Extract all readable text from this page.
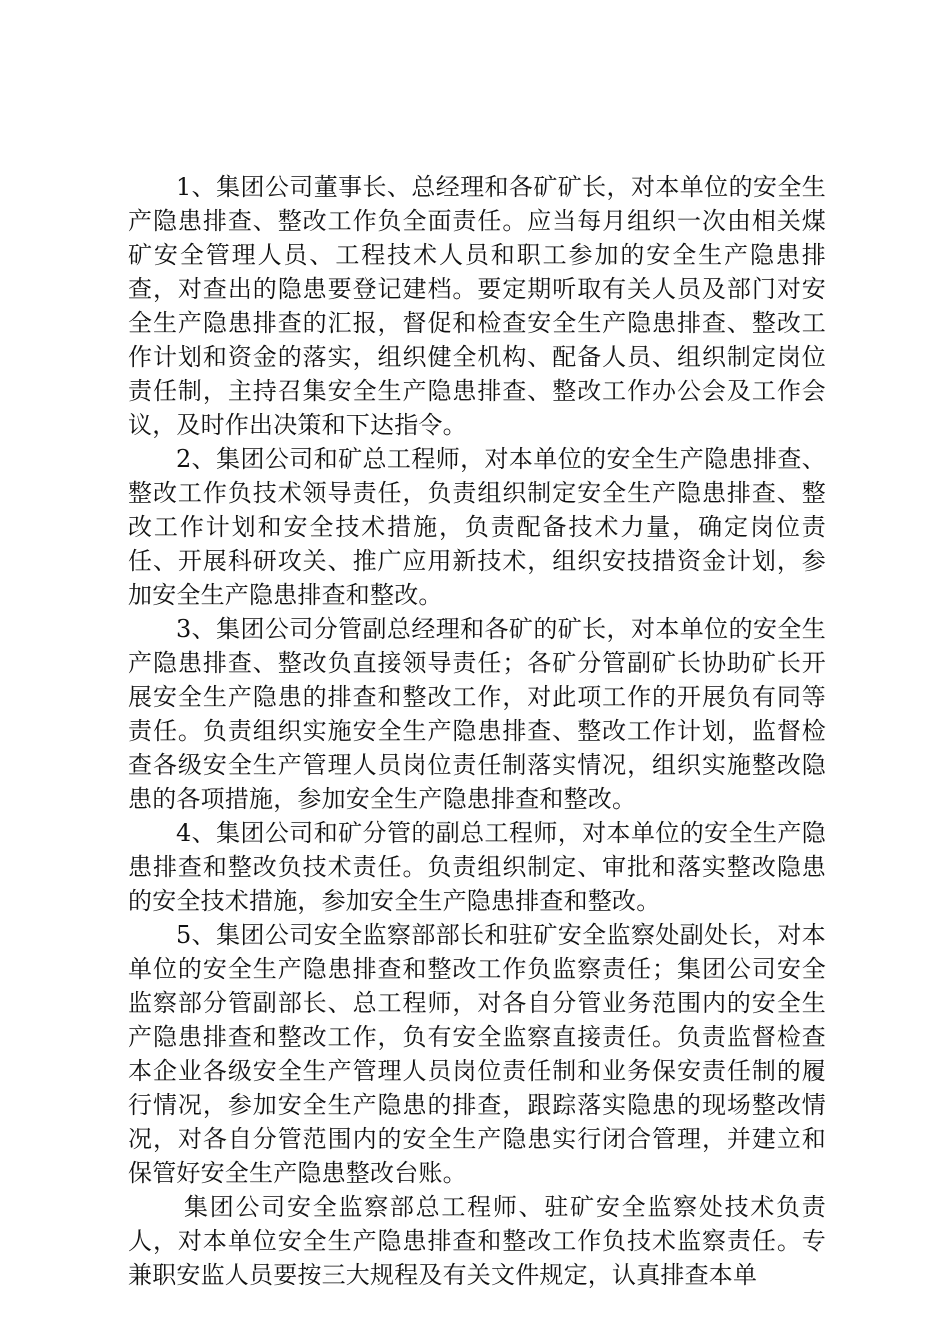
1、集团公司董事长、总经理和各矿矿长，对本单位的安全生产隐患排查、整改工作负全面责任。应当每月组织一次由相关煤矿安全管理人员、工程技术人员和职工参加的安全生产隐患排查，对查出的隐患要登记建档。要定期听取有关人员及部门对安全生产隐患排查的汇报，督促和检查安全生产隐患排查、整改工作计划和资金的落实，组织健全机构、配备人员、组织制定岗位责任制，主持召集安全生产隐患排查、整改工作办公会及工作会议，及时作出决策和下达指令。

2、集团公司和矿总工程师，对本单位的安全生产隐患排查、整改工作负技术领导责任，负责组织制定安全生产隐患排查、整改工作计划和安全技术措施，负责配备技术力量，确定岗位责任、开展科研攻关、推广应用新技术，组织安技措资金计划，参加安全生产隐患排查和整改。

3、集团公司分管副总经理和各矿的矿长，对本单位的安全生产隐患排查、整改负直接领导责任；各矿分管副矿长协助矿长开展安全生产隐患的排查和整改工作，对此项工作的开展负有同等责任。负责组织实施安全生产隐患排查、整改工作计划，监督检查各级安全生产管理人员岗位责任制落实情况，组织实施整改隐患的各项措施，参加安全生产隐患排查和整改。

4、集团公司和矿分管的副总工程师，对本单位的安全生产隐患排查和整改负技术责任。负责组织制定、审批和落实整改隐患的安全技术措施，参加安全生产隐患排查和整改。

5、集团公司安全监察部部长和驻矿安全监察处副处长，对本单位的安全生产隐患排查和整改工作负监察责任；集团公司安全监察部分管副部长、总工程师，对各自分管业务范围内的安全生产隐患排查和整改工作，负有安全监察直接责任。负责监督检查本企业各级安全生产管理人员岗位责任制和业务保安责任制的履行情况，参加安全生产隐患的排查，跟踪落实隐患的现场整改情况，对各自分管范围内的安全生产隐患实行闭合管理，并建立和保管好安全生产隐患整改台账。

集团公司安全监察部总工程师、驻矿安全监察处技术负责人，对本单位安全生产隐患排查和整改工作负技术监察责任。专兼职安监人员要按三大规程及有关文件规定，认真排查本单
